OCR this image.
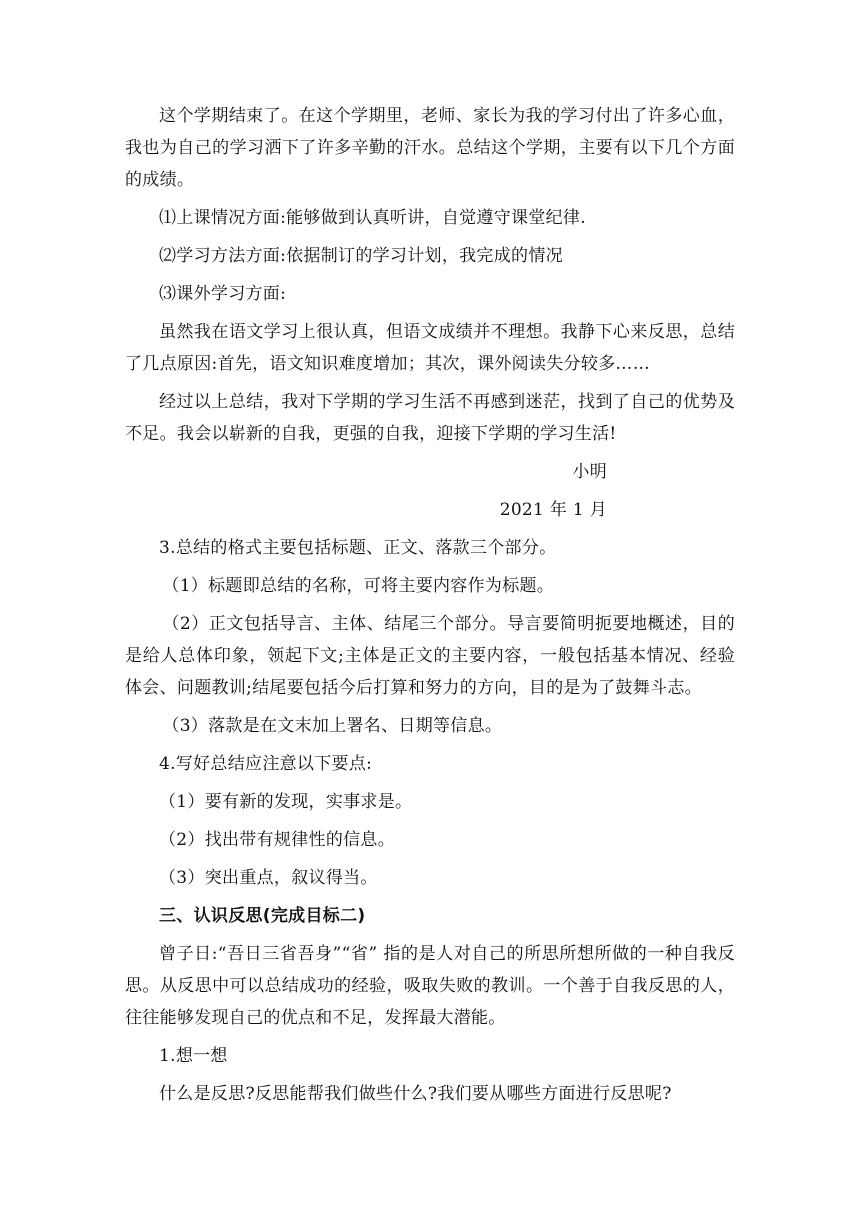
这个学期结束了。在这个学期里，老师、家长为我的学习付出了许多心血，我也为自己的学习洒下了许多辛勤的汗水。总结这个学期，主要有以下几个方面的成绩。

⑴上课情况方面:能够做到认真听讲，自觉遵守课堂纪律.

⑵学习方法方面:依据制订的学习计划，我完成的情况

⑶课外学习方面:

虽然我在语文学习上很认真，但语文成绩并不理想。我静下心来反思，总结了几点原因:首先，语文知识难度增加；其次，课外阅读失分较多……

经过以上总结，我对下学期的学习生活不再感到迷茫，找到了自己的优势及不足。我会以崭新的自我，更强的自我，迎接下学期的学习生活!

小明

2021 年 1 月

3.总结的格式主要包括标题、正文、落款三个部分。

（1）标题即总结的名称，可将主要内容作为标题。

（2）正文包括导言、主体、结尾三个部分。导言要简明扼要地概述，目的是给人总体印象，领起下文;主体是正文的主要内容，一般包括基本情况、经验体会、问题教训;结尾要包括今后打算和努力的方向，目的是为了鼓舞斗志。

（3）落款是在文末加上署名、日期等信息。

4.写好总结应注意以下要点:

（1）要有新的发现，实事求是。

（2）找出带有规律性的信息。

（3）突出重点，叙议得当。

三、认识反思(完成目标二)

曾子日:“吾日三省吾身”“省” 指的是人对自己的所思所想所做的一种自我反思。从反思中可以总结成功的经验，吸取失败的教训。一个善于自我反思的人，往往能够发现自己的优点和不足，发挥最大潜能。

1.想一想

什么是反思?反思能帮我们做些什么?我们要从哪些方面进行反思呢?
